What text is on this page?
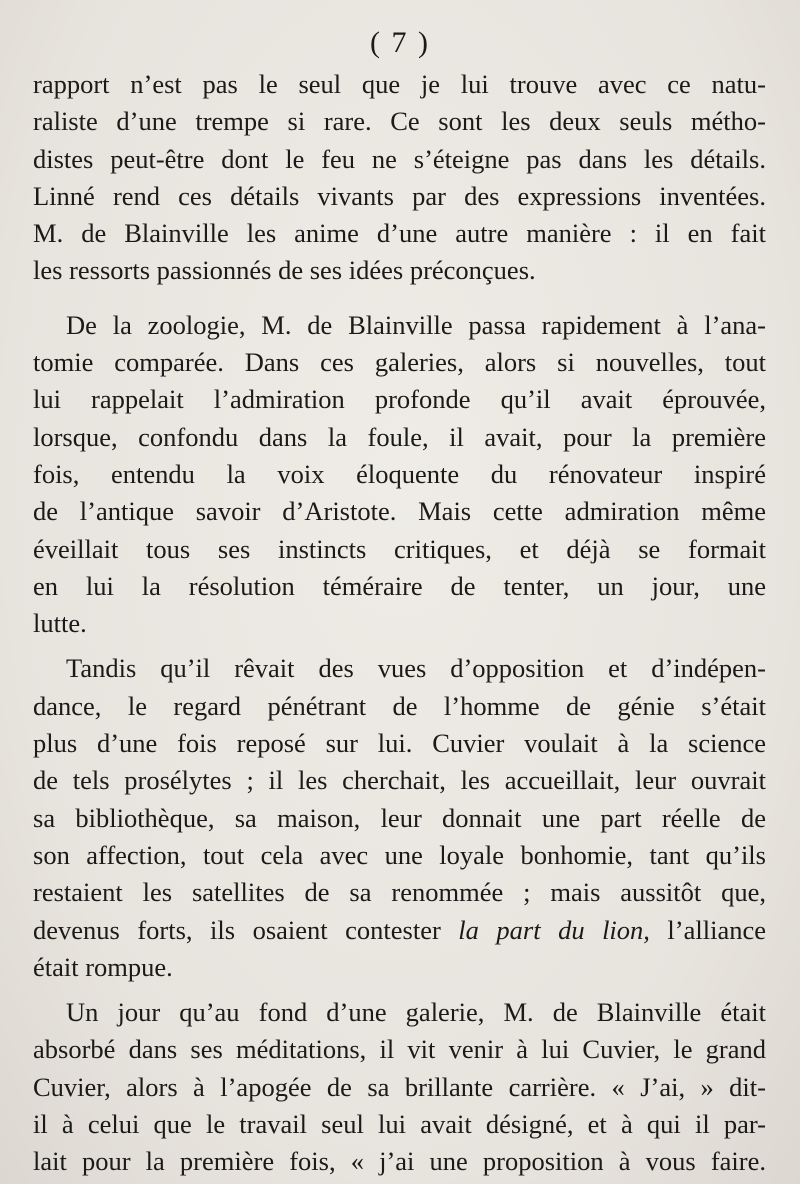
( 7 )
rapport n’est pas le seul que je lui trouve avec ce natu-
raliste d’une trempe si rare. Ce sont les deux seuls métho-
distes peut-être dont le feu ne s’éteigne pas dans les détails.
Linné rend ces détails vivants par des expressions inventées.
M. de Blainville les anime d’une autre manière : il en fait
les ressorts passionnés de ses idées préconçues.
De la zoologie, M. de Blainville passa rapidement à l’ana-
tomie comparée. Dans ces galeries, alors si nouvelles, tout
lui rappelait l’admiration profonde qu’il avait éprouvée,
lorsque, confondu dans la foule, il avait, pour la première
fois, entendu la voix éloquente du rénovateur inspiré
de l’antique savoir d’Aristote. Mais cette admiration même
éveillait tous ses instincts critiques, et déjà se formait
en lui la résolution téméraire de tenter, un jour, une
lutte.
Tandis qu’il rêvait des vues d’opposition et d’indépen-
dance, le regard pénétrant de l’homme de génie s’était
plus d’une fois reposé sur lui. Cuvier voulait à la science
de tels prosélytes ; il les cherchait, les accueillait, leur ouvrait
sa bibliothèque, sa maison, leur donnait une part réelle de
son affection, tout cela avec une loyale bonhomie, tant qu’ils
restaient les satellites de sa renommée ; mais aussitôt que,
devenus forts, ils osaient contester la part du lion, l’alliance
était rompue.
Un jour qu’au fond d’une galerie, M. de Blainville était
absorbé dans ses méditations, il vit venir à lui Cuvier, le grand
Cuvier, alors à l’apogée de sa brillante carrière. « J’ai, » dit-
il à celui que le travail seul lui avait désigné, et à qui il par-
lait pour la première fois, « j’ai une proposition à vous faire.
